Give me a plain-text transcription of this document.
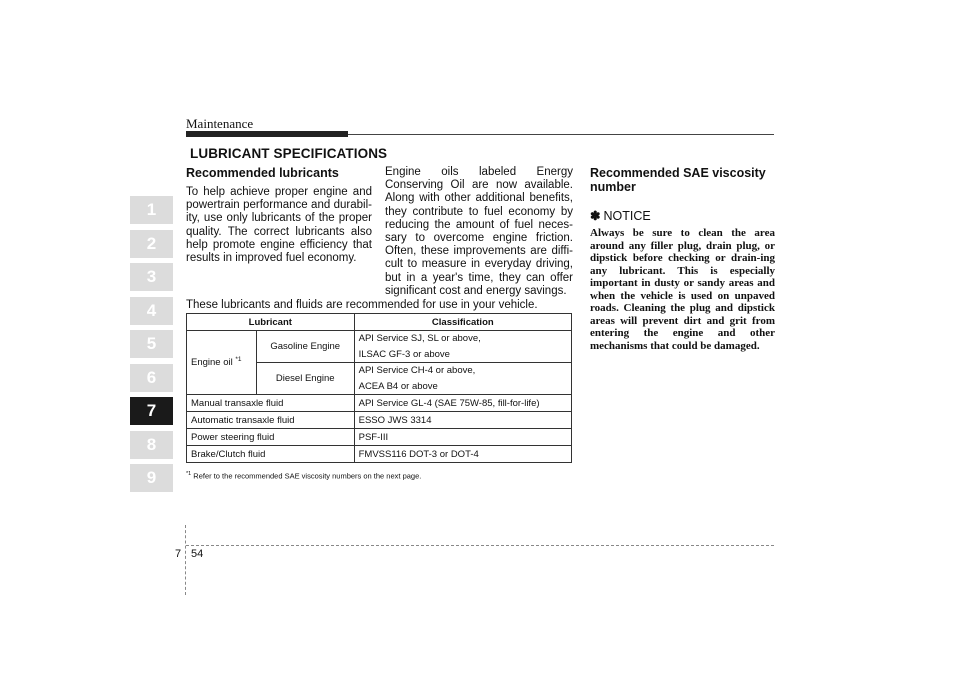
Maintenance
LUBRICANT SPECIFICATIONS
1
2
3
4
5
6
7
8
9
Recommended lubricants

To help achieve proper engine and powertrain performance and durabil-ity, use only lubricants of the proper quality. The correct lubricants also help promote engine efficiency that results in improved fuel economy.

Engine oils labeled Energy Conserving Oil are now available. Along with other additional benefits, they contribute to fuel economy by reducing the amount of fuel neces-sary to overcome engine friction. Often, these improvements are diffi-cult to measure in everyday driving, but in a year's time, they can offer significant cost and energy savings.

Recommended SAE viscosity number
✽ NOTICE

Always be sure to clean the area around any filler plug, drain plug, or dipstick before checking or drain-ing any lubricant. This is especially important in dusty or sandy areas and when the vehicle is used on unpaved roads. Cleaning the plug and dipstick areas will prevent dirt and grit from entering the engine and other mechanisms that could be damaged.

These lubricants and fluids are recommended for use in your vehicle.
Lubricant		Classification
Engine oil $^{*1}$	Gasoline Engine	API Service SJ, SL or above,
ILSAC GF-3 or above

	Diesel Engine	API Service CH-4 or above,
ACEA B4 or above

Manual transaxle fluid		API Service GL-4 (SAE 75W-85, fill-for-life)
Automatic transaxle fluid		ESSO JWS 3314
Power steering fluid		PSF-III
Brake/Clutch fluid		FMVSS116 DOT-3 or DOT-4
$^{*1}$ Refer to the recommended SAE viscosity numbers on the next page.
7 54
